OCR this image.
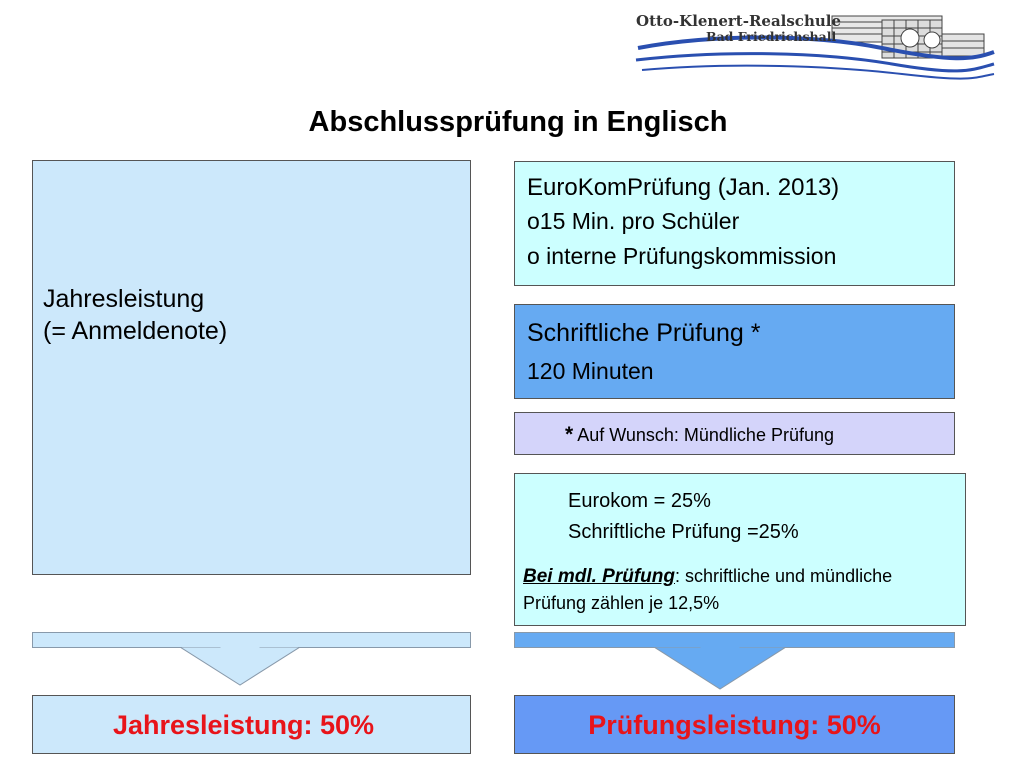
Otto-Klenert-Realschule
Bad Friedrichshall
Abschlussprüfung in Englisch
Jahresleistung
(= Anmeldenote)
EuroKomPrüfung (Jan. 2013)
o15 Min. pro Schüler
o interne Prüfungskommission
Schriftliche Prüfung *
120 Minuten
* Auf Wunsch: Mündliche Prüfung
Eurokom = 25%
Schriftliche Prüfung =25%
Bei mdl. Prüfung: schriftliche und mündliche Prüfung zählen je 12,5%
Jahresleistung: 50%	Prüfungsleistung: 50%
